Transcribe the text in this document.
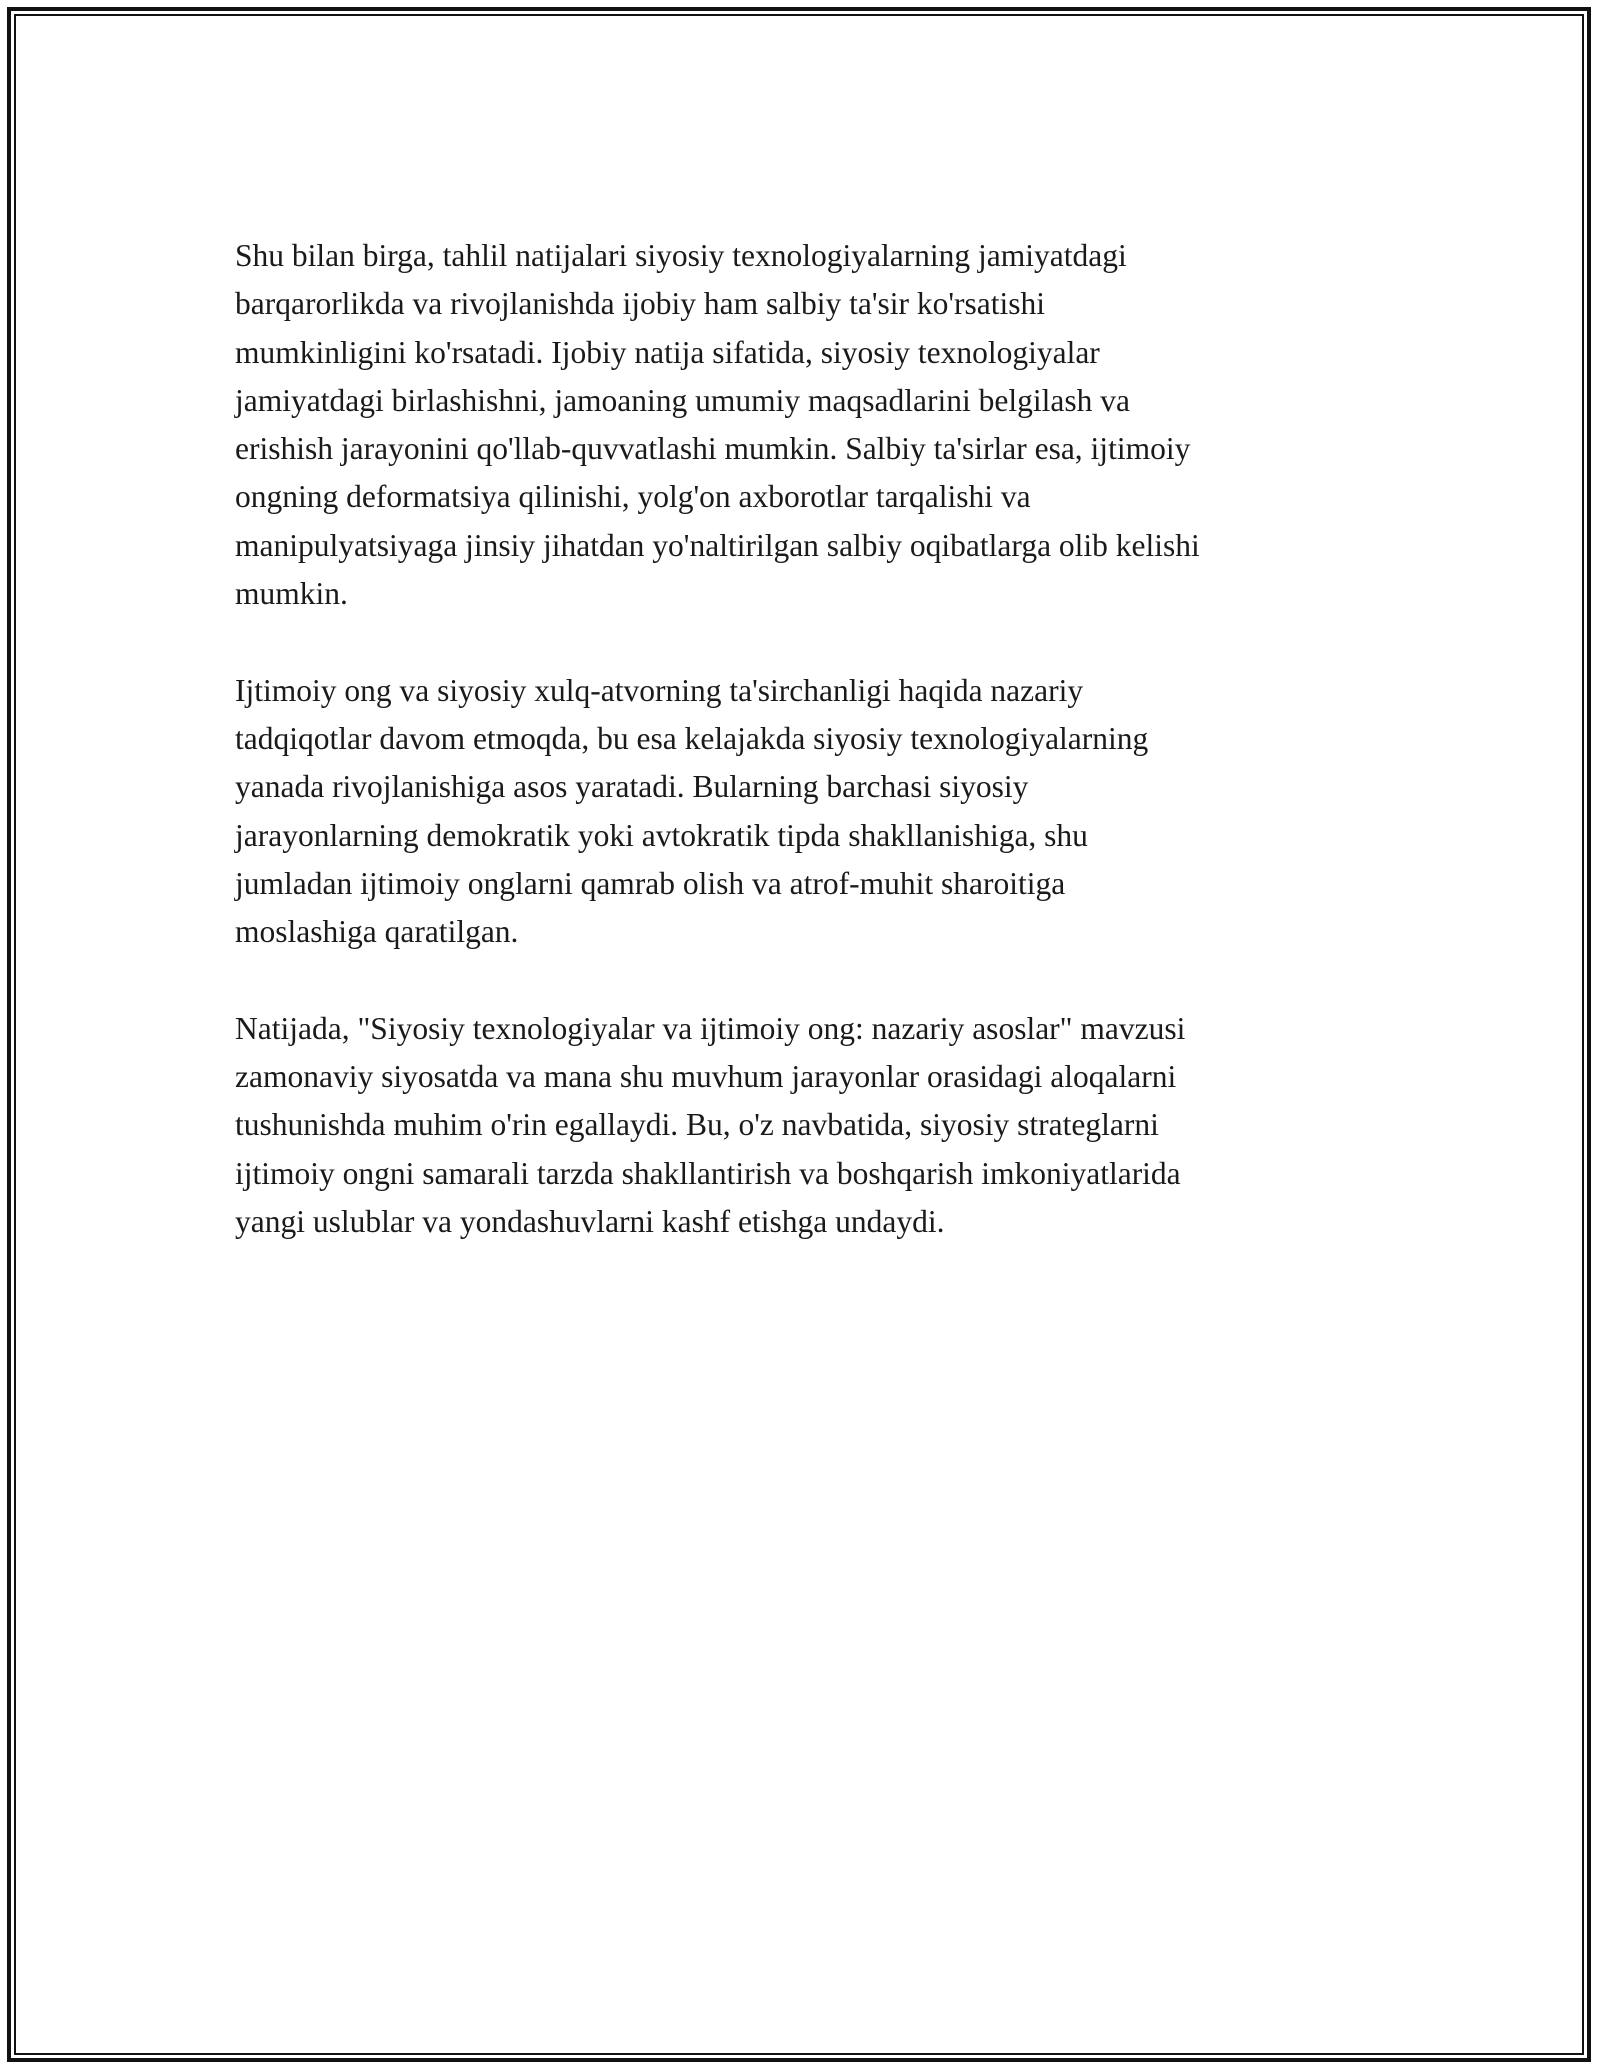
Shu bilan birga, tahlil natijalari siyosiy texnologiyalarning jamiyatdagi
barqarorlikda va rivojlanishda ijobiy ham salbiy ta'sir ko'rsatishi
mumkinligini ko'rsatadi. Ijobiy natija sifatida, siyosiy texnologiyalar
jamiyatdagi birlashishni, jamoaning umumiy maqsadlarini belgilash va
erishish jarayonini qo'llab-quvvatlashi mumkin. Salbiy ta'sirlar esa, ijtimoiy
ongning deformatsiya qilinishi, yolg'on axborotlar tarqalishi va
manipulyatsiyaga jinsiy jihatdan yo'naltirilgan salbiy oqibatlarga olib kelishi
mumkin.

Ijtimoiy ong va siyosiy xulq-atvorning ta'sirchanligi haqida nazariy
tadqiqotlar davom etmoqda, bu esa kelajakda siyosiy texnologiyalarning
yanada rivojlanishiga asos yaratadi. Bularning barchasi siyosiy
jarayonlarning demokratik yoki avtokratik tipda shakllanishiga, shu
jumladan ijtimoiy onglarni qamrab olish va atrof-muhit sharoitiga
moslashiga qaratilgan.

Natijada, "Siyosiy texnologiyalar va ijtimoiy ong: nazariy asoslar" mavzusi
zamonaviy siyosatda va mana shu muvhum jarayonlar orasidagi aloqalarni
tushunishda muhim o'rin egallaydi. Bu, o'z navbatida, siyosiy strateglarni
ijtimoiy ongni samarali tarzda shakllantirish va boshqarish imkoniyatlarida
yangi uslublar va yondashuvlarni kashf etishga undaydi.
